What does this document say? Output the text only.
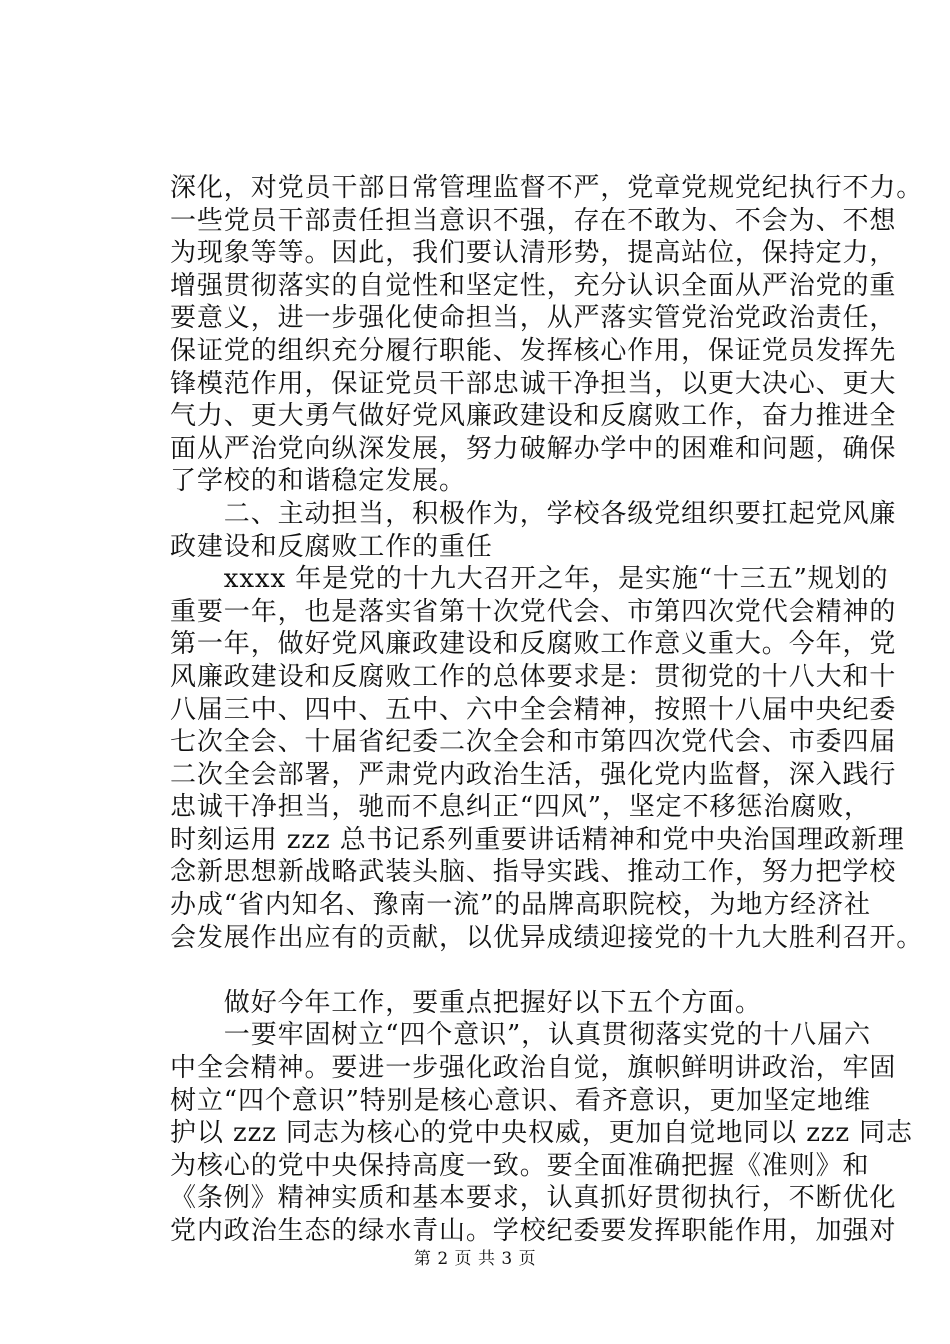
深化，对党员干部日常管理监督不严，党章党规党纪执行不力。
一些党员干部责任担当意识不强，存在不敢为、不会为、不想
为现象等等。因此，我们要认清形势，提高站位，保持定力，
增强贯彻落实的自觉性和坚定性，充分认识全面从严治党的重
要意义，进一步强化使命担当，从严落实管党治党政治责任，
保证党的组织充分履行职能、发挥核心作用，保证党员发挥先
锋模范作用，保证党员干部忠诚干净担当，以更大决心、更大
气力、更大勇气做好党风廉政建设和反腐败工作，奋力推进全
面从严治党向纵深发展，努力破解办学中的困难和问题，确保
了学校的和谐稳定发展。
　　二、主动担当，积极作为，学校各级党组织要扛起党风廉
政建设和反腐败工作的重任
　　xxxx 年是党的十九大召开之年，是实施“十三五”规划的
重要一年，也是落实省第十次党代会、市第四次党代会精神的
第一年，做好党风廉政建设和反腐败工作意义重大。今年，党
风廉政建设和反腐败工作的总体要求是：贯彻党的十八大和十
八届三中、四中、五中、六中全会精神，按照十八届中央纪委
七次全会、十届省纪委二次全会和市第四次党代会、市委四届
二次全会部署，严肃党内政治生活，强化党内监督，深入践行
忠诚干净担当，驰而不息纠正“四风”，坚定不移惩治腐败，
时刻运用 zzz 总书记系列重要讲话精神和党中央治国理政新理
念新思想新战略武装头脑、指导实践、推动工作，努力把学校
办成“省内知名、豫南一流”的品牌高职院校，为地方经济社
会发展作出应有的贡献，以优异成绩迎接党的十九大胜利召开。
　　做好今年工作，要重点把握好以下五个方面。
　　一要牢固树立“四个意识”，认真贯彻落实党的十八届六
中全会精神。要进一步强化政治自觉，旗帜鲜明讲政治，牢固
树立“四个意识”特别是核心意识、看齐意识，更加坚定地维
护以 zzz 同志为核心的党中央权威，更加自觉地同以 zzz 同志
为核心的党中央保持高度一致。要全面准确把握《准则》和
《条例》精神实质和基本要求，认真抓好贯彻执行，不断优化
党内政治生态的绿水青山。学校纪委要发挥职能作用，加强对
第 2 页 共 3 页
